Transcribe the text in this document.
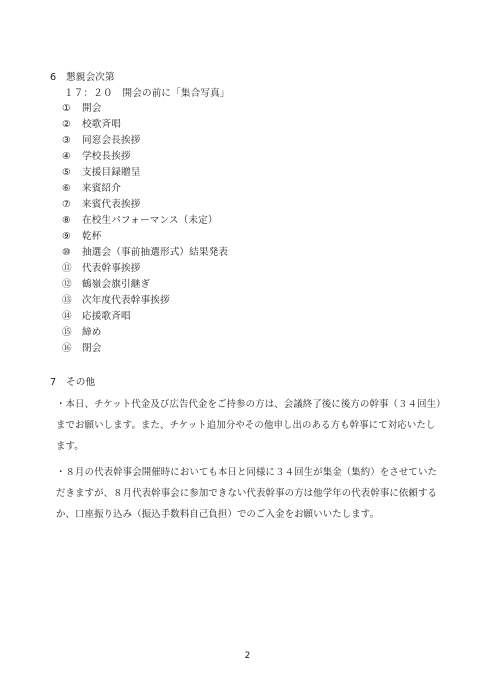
6　懇親会次第
１７：２０　開会の前に「集合写真」
① 開会
② 校歌斉唱
③ 同窓会長挨拶
④ 学校長挨拶
⑤ 支援目録贈呈
⑥ 来賓紹介
⑦ 来賓代表挨拶
⑧ 在校生パフォーマンス（未定）
⑨ 乾杯
⑩ 抽選会（事前抽選形式）結果発表
⑪ 代表幹事挨拶
⑫ 鶴嶺会旗引継ぎ
⑬ 次年度代表幹事挨拶
⑭ 応援歌斉唱
⑮ 締め
⑯ 閉会
7　その他
・本日、チケット代金及び広告代金をご持参の方は、会議終了後に後方の幹事（３４回生）
までお願いします。また、チケット追加分やその他申し出のある方も幹事にて対応いたし
ます。
・８月の代表幹事会開催時においても本日と同様に３４回生が集金（集約）をさせていた
だきますが、８月代表幹事会に参加できない代表幹事の方は他学年の代表幹事に依頼する
か、口座振り込み（振込手数料自己負担）でのご入金をお願いいたします。
2
